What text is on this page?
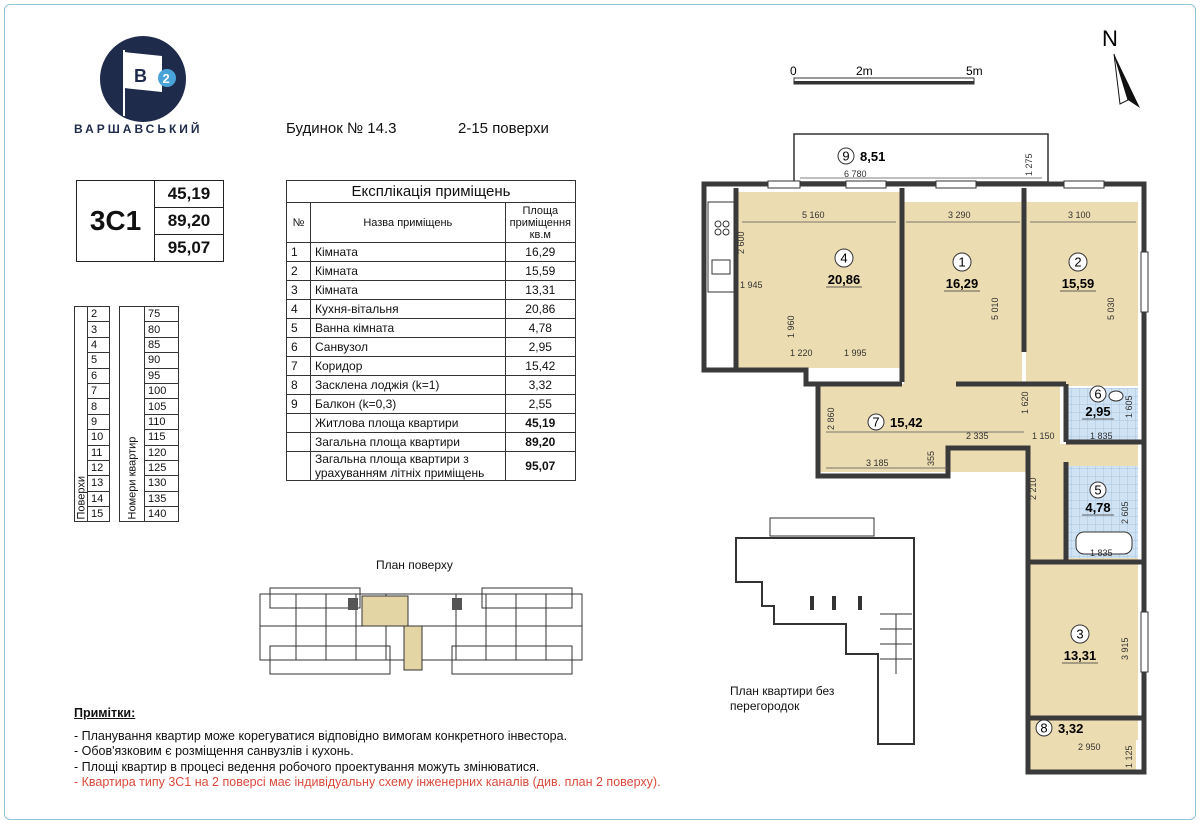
B 2
ВАРШАВСЬКИЙ	Будинок № 14.3	2-15 поверхи
3С1
45,19
89,20
95,07
Експлікація приміщень		
№	Назва приміщень	Площа приміщення кв.м
1	Кімната	16,29
2	Кімната	15,59
3	Кімната	13,31
4	Кухня-вітальня	20,86
5	Ванна кімната	4,78
6	Санвузол	2,95
7	Коридор	15,42
8	Засклена лоджія (k=1)	3,32
9	Балкон (k=0,3)	2,55
	Житлова площа квартири	45,19
	Загальна площа квартири	89,20
	Загальна площа квартири з урахуванням літніх приміщень	95,07
Поверхи	2		Номери квартир	75
	3			80
	4			85
	5			90
	6			95
	7			100
	8			105
	9			110
	10			115
	11			120
	12			125
	13			130
	14			135
	15			140
План поверху
План квартири без перегородок
Примітки:
- Планування квартир може корегуватися відповідно вимогам конкретного інвестора.
- Обов'язковим є розміщення санвузлів і кухонь.
- Площі квартир в процесі ведення робочого проектування можуть змінюватися.
- Квартира типу 3С1 на 2 поверсі має індивідуальну схему інженерних каналів (див. план 2 поверху).
0	2m	5m
N
6 780	1 275
5 160	3 290	3 100
2 600
1 945
5 010	5 030
1 960
1 220	1 995
2 860
3 185	355
2 335	1 150
1 620
1 835
1 605
2 210
2 605
1 835
3 915
2 950	1 125
4
20,86
1
16,29
2
15,59
7 15,42
6
2,95
5
4,78
3
13,31
8 3,32
9 8,51
